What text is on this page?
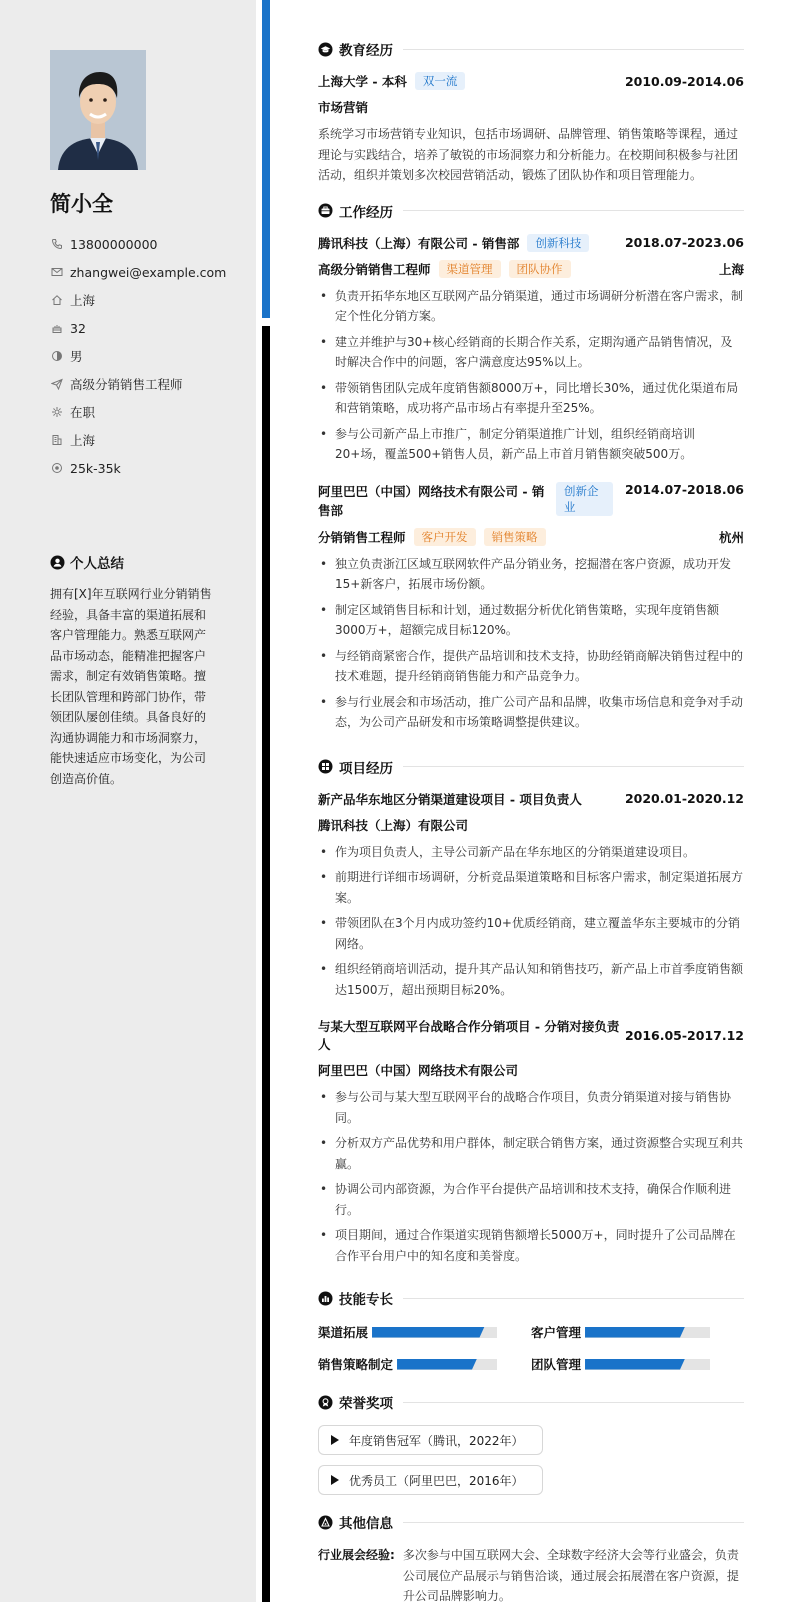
简小全
13800000000
zhangwei@example.com
上海
32
男
高级分销销售工程师
在职
上海
25k-35k
个人总结
拥有[X]年互联网行业分销销售经验，具备丰富的渠道拓展和客户管理能力。熟悉互联网产品市场动态，能精准把握客户需求，制定有效销售策略。擅长团队管理和跨部门协作，带领团队屡创佳绩。具备良好的沟通协调能力和市场洞察力，能快速适应市场变化，为公司创造高价值。
教育经历
上海大学 - 本科	双一流	2010.09-2014.06
市场营销
系统学习市场营销专业知识，包括市场调研、品牌管理、销售策略等课程，通过理论与实践结合，培养了敏锐的市场洞察力和分析能力。在校期间积极参与社团活动，组织并策划多次校园营销活动，锻炼了团队协作和项目管理能力。
工作经历
腾讯科技（上海）有限公司 - 销售部	创新科技	2018.07-2023.06
高级分销销售工程师	渠道管理	团队协作	上海
• 负责开拓华东地区互联网产品分销渠道，通过市场调研分析潜在客户需求，制定个性化分销方案。
• 建立并维护与30+核心经销商的长期合作关系，定期沟通产品销售情况，及时解决合作中的问题，客户满意度达95%以上。
• 带领销售团队完成年度销售额8000万+，同比增长30%，通过优化渠道布局和营销策略，成功将产品市场占有率提升至25%。
• 参与公司新产品上市推广，制定分销渠道推广计划，组织经销商培训20+场，覆盖500+销售人员，新产品上市首月销售额突破500万。
阿里巴巴（中国）网络技术有限公司 - 销售部
创新企业
2014.07-2018.06
分销销售工程师	客户开发	销售策略	杭州
• 独立负责浙江区域互联网软件产品分销业务，挖掘潜在客户资源，成功开发15+新客户，拓展市场份额。
• 制定区域销售目标和计划，通过数据分析优化销售策略，实现年度销售额3000万+，超额完成目标120%。
• 与经销商紧密合作，提供产品培训和技术支持，协助经销商解决销售过程中的技术难题，提升经销商销售能力和产品竞争力。
• 参与行业展会和市场活动，推广公司产品和品牌，收集市场信息和竞争对手动态，为公司产品研发和市场策略调整提供建议。
项目经历
新产品华东地区分销渠道建设项目 - 项目负责人	2020.01-2020.12
腾讯科技（上海）有限公司
• 作为项目负责人，主导公司新产品在华东地区的分销渠道建设项目。
• 前期进行详细市场调研，分析竞品渠道策略和目标客户需求，制定渠道拓展方案。
• 带领团队在3个月内成功签约10+优质经销商，建立覆盖华东主要城市的分销网络。
• 组织经销商培训活动，提升其产品认知和销售技巧，新产品上市首季度销售额达1500万，超出预期目标20%。
与某大型互联网平台战略合作分销项目 - 分销对接负责人
2016.05-2017.12
阿里巴巴（中国）网络技术有限公司
• 参与公司与某大型互联网平台的战略合作项目，负责分销渠道对接与销售协同。
• 分析双方产品优势和用户群体，制定联合销售方案，通过资源整合实现互利共赢。
• 协调公司内部资源，为合作平台提供产品培训和技术支持，确保合作顺利进行。
• 项目期间，通过合作渠道实现销售额增长5000万+，同时提升了公司品牌在合作平台用户中的知名度和美誉度。
技能专长
渠道拓展	客户管理
销售策略制定	团队管理
荣誉奖项
年度销售冠军（腾讯，2022年）
优秀员工（阿里巴巴，2016年）
其他信息
行业展会经验: 多次参与中国互联网大会、全球数字经济大会等行业盛会，负责公司展位产品展示与销售洽谈，通过展会拓展潜在客户资源，提升公司品牌影响力。
